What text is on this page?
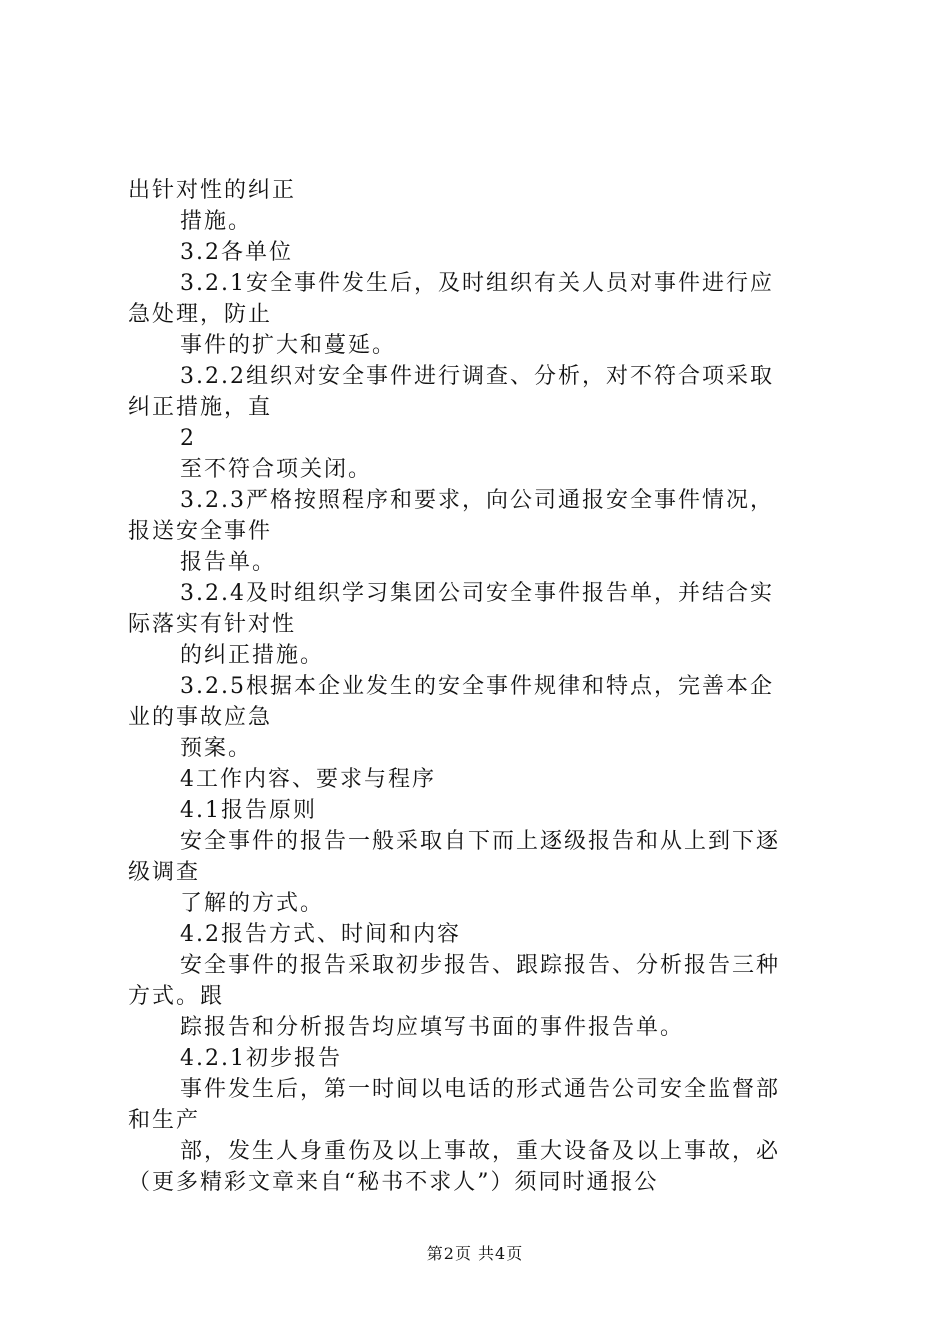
出针对性的纠正
措施。
3.2各单位
3.2.1安全事件发生后，及时组织有关人员对事件进行应
急处理，防止
事件的扩大和蔓延。
3.2.2组织对安全事件进行调查、分析，对不符合项采取
纠正措施，直
2
至不符合项关闭。
3.2.3严格按照程序和要求，向公司通报安全事件情况，
报送安全事件
报告单。
3.2.4及时组织学习集团公司安全事件报告单，并结合实
际落实有针对性
的纠正措施。
3.2.5根据本企业发生的安全事件规律和特点，完善本企
业的事故应急
预案。
4工作内容、要求与程序
4.1报告原则
安全事件的报告一般采取自下而上逐级报告和从上到下逐
级调查
了解的方式。
4.2报告方式、时间和内容
安全事件的报告采取初步报告、跟踪报告、分析报告三种
方式。跟
踪报告和分析报告均应填写书面的事件报告单。
4.2.1初步报告
事件发生后，第一时间以电话的形式通告公司安全监督部
和生产
部，发生人身重伤及以上事故，重大设备及以上事故，必
（更多精彩文章来自“秘书不求人”）须同时通报公
第2页 共4页
